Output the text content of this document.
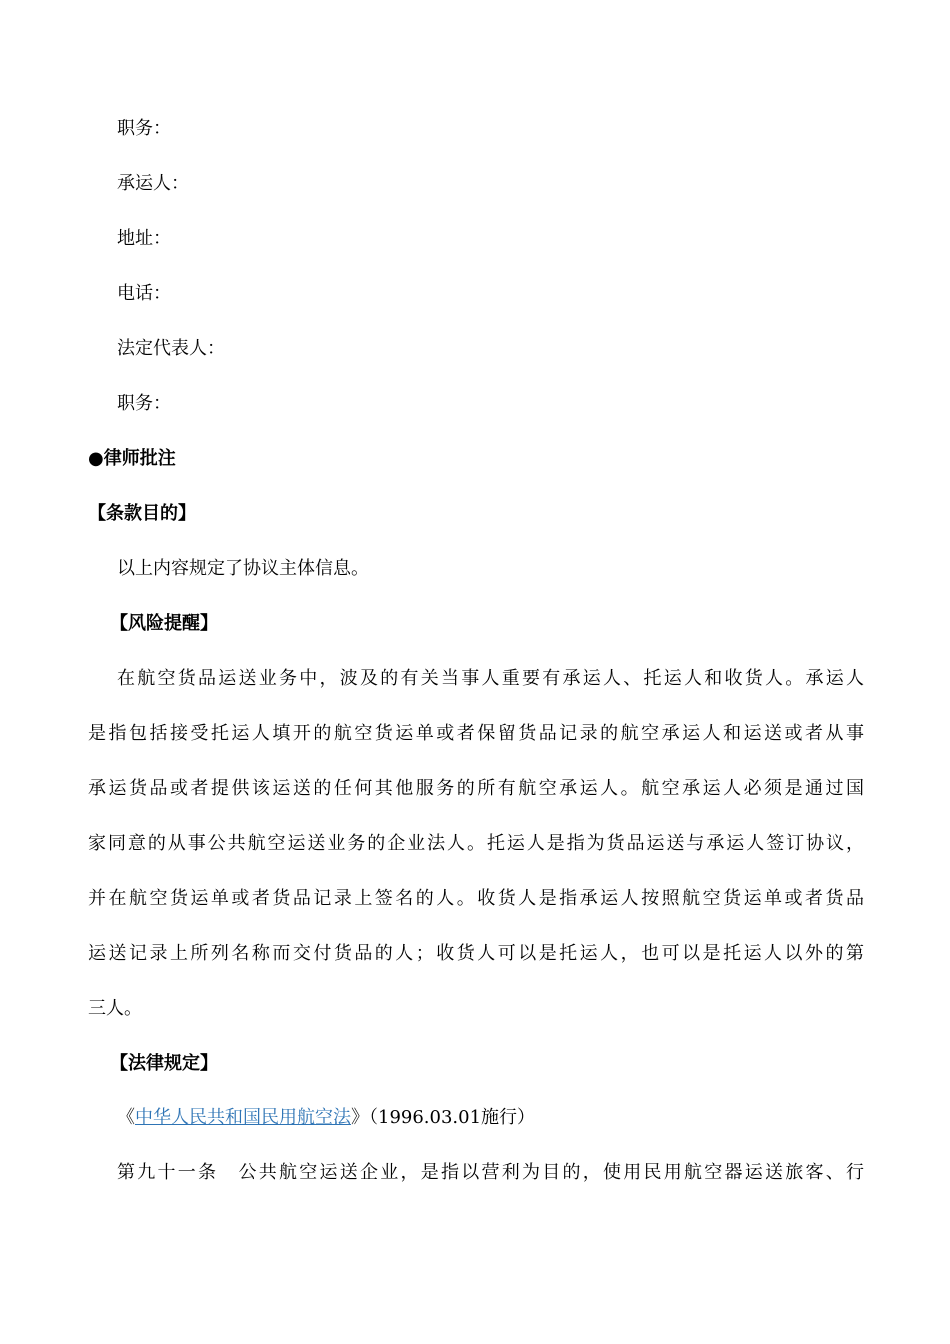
职务：
承运人：
地址：
电话：
法定代表人：
职务：
●律师批注
【条款目的】
以上内容规定了协议主体信息。
【风险提醒】
在航空货品运送业务中，波及的有关当事人重要有承运人、托运人和收货人。承运人
是指包括接受托运人填开的航空货运单或者保留货品记录的航空承运人和运送或者从事
承运货品或者提供该运送的任何其他服务的所有航空承运人。航空承运人必须是通过国
家同意的从事公共航空运送业务的企业法人。托运人是指为货品运送与承运人签订协议，
并在航空货运单或者货品记录上签名的人。收货人是指承运人按照航空货运单或者货品
运送记录上所列名称而交付货品的人；收货人可以是托运人，也可以是托运人以外的第
三人。
【法律规定】
《中华人民共和国民用航空法》（1996.03.01施行）
第九十一条　公共航空运送企业，是指以营利为目的，使用民用航空器运送旅客、行
